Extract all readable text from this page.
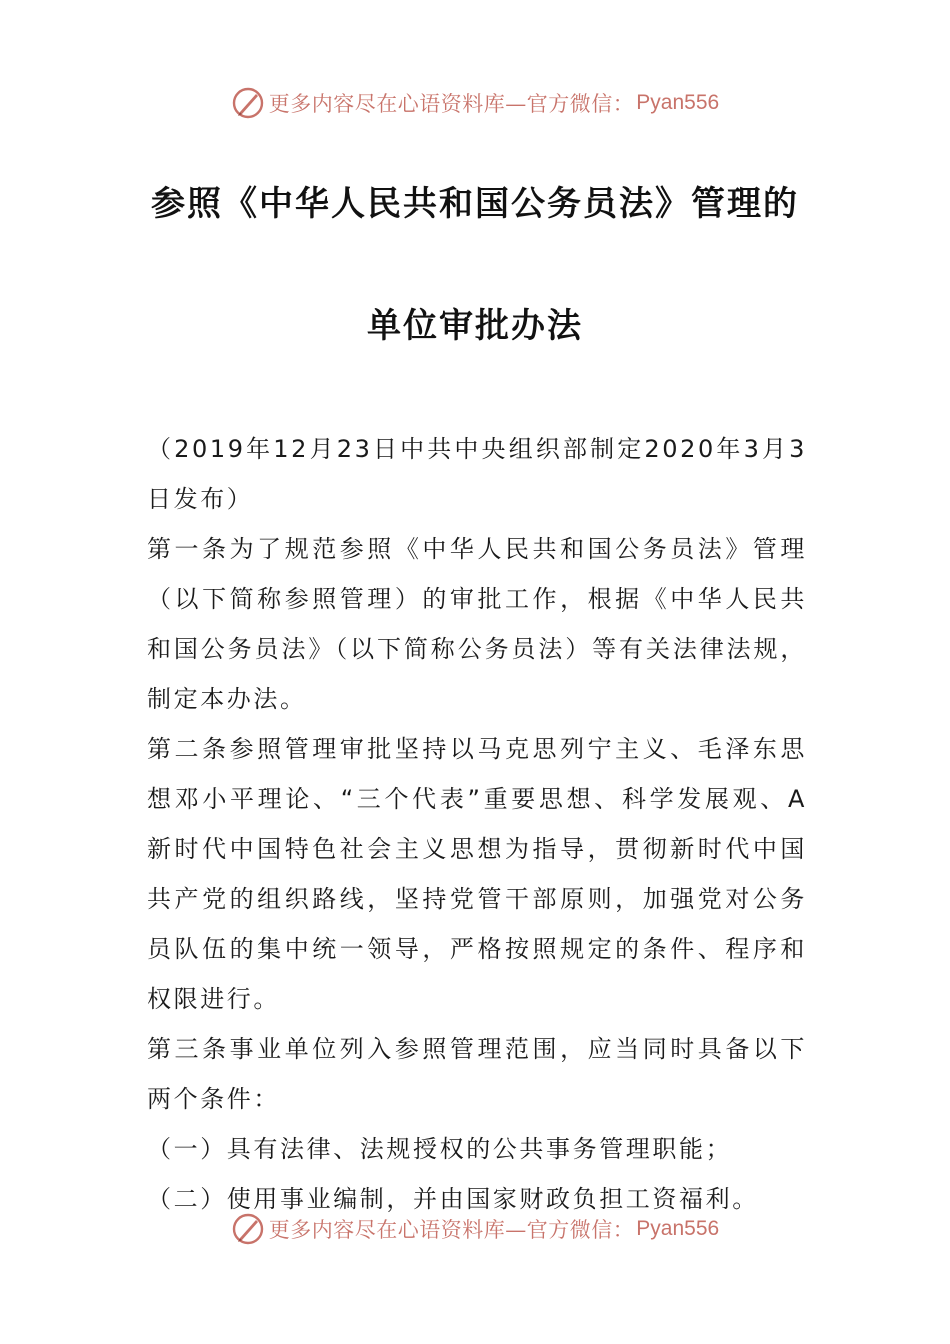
更多内容尽在心语资料库—官方微信： Pyan556
参照《中华人民共和国公务员法》管理的
单位审批办法

（2019年12月23日中共中央组织部制定2020年3月3日发布）

第一条为了规范参照《中华人民共和国公务员法》管理（以下简称参照管理）的审批工作，根据《中华人民共和国公务员法》（以下简称公务员法）等有关法律法规，制定本办法。

第二条参照管理审批坚持以马克思列宁主义、毛泽东思想邓小平理论、“三个代表”重要思想、科学发展观、A新时代中国特色社会主义思想为指导，贯彻新时代中国共产党的组织路线，坚持党管干部原则，加强党对公务员队伍的集中统一领导，严格按照规定的条件、程序和权限进行。

第三条事业单位列入参照管理范围，应当同时具备以下两个条件：

（一）具有法律、法规授权的公共事务管理职能；

（二）使用事业编制，并由国家财政负担工资福利。

更多内容尽在心语资料库—官方微信： Pyan556
